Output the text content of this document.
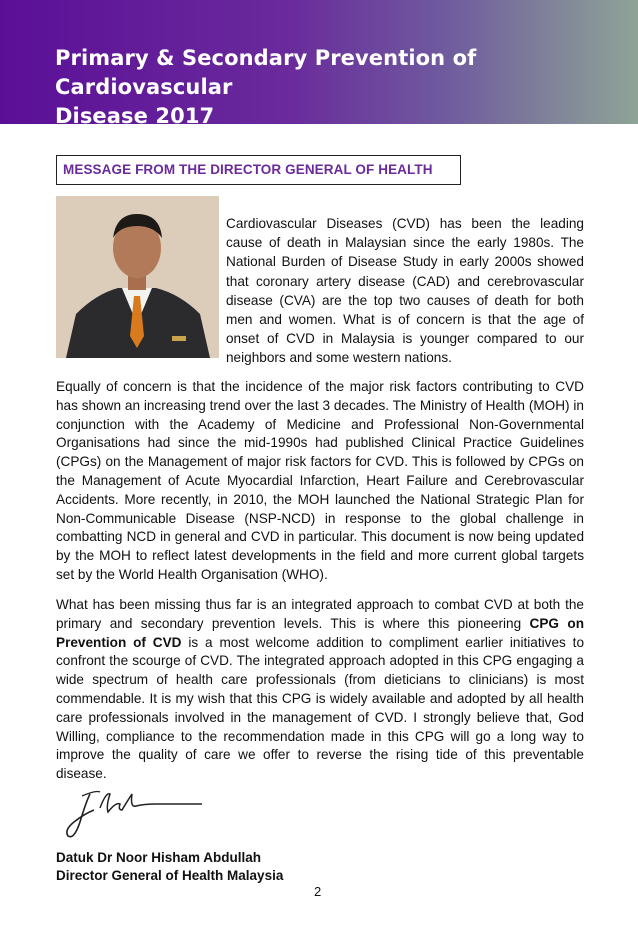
Primary & Secondary Prevention of Cardiovascular
Disease 2017
MESSAGE FROM THE DIRECTOR GENERAL OF HEALTH
Cardiovascular Diseases (CVD) has been the leading cause of death in Malaysian since the early 1980s. The National Burden of Disease Study in early 2000s showed that coronary artery disease (CAD) and cerebrovascular disease (CVA) are the top two causes of death for both men and women. What is of concern is that the age of onset of CVD in Malaysia is younger compared to our neighbors and some western nations.
Equally of concern is that the incidence of the major risk factors contributing to CVD has shown an increasing trend over the last 3 decades. The Ministry of Health (MOH) in conjunction with the Academy of Medicine and Professional Non-Governmental Organisations had since the mid-1990s had published Clinical Practice Guidelines (CPGs) on the Management of major risk factors for CVD. This is followed by CPGs on the Management of Acute Myocardial Infarction, Heart Failure and Cerebrovascular Accidents. More recently, in 2010, the MOH launched the National Strategic Plan for Non-Communicable Disease (NSP-NCD) in response to the global challenge in combatting NCD in general and CVD in particular. This document is now being updated by the MOH to reflect latest developments in the field and more current global targets set by the World Health Organisation (WHO).
What has been missing thus far is an integrated approach to combat CVD at both the primary and secondary prevention levels. This is where this pioneering CPG on Prevention of CVD is a most welcome addition to compliment earlier initiatives to confront the scourge of CVD. The integrated approach adopted in this CPG engaging a wide spectrum of health care professionals (from dieticians to clinicians) is most commendable. It is my wish that this CPG is widely available and adopted by all health care professionals involved in the management of CVD. I strongly believe that, God Willing, compliance to the recommendation made in this CPG will go a long way to improve the quality of care we offer to reverse the rising tide of this preventable disease.
Datuk Dr Noor Hisham Abdullah
Director General of Health Malaysia
2
